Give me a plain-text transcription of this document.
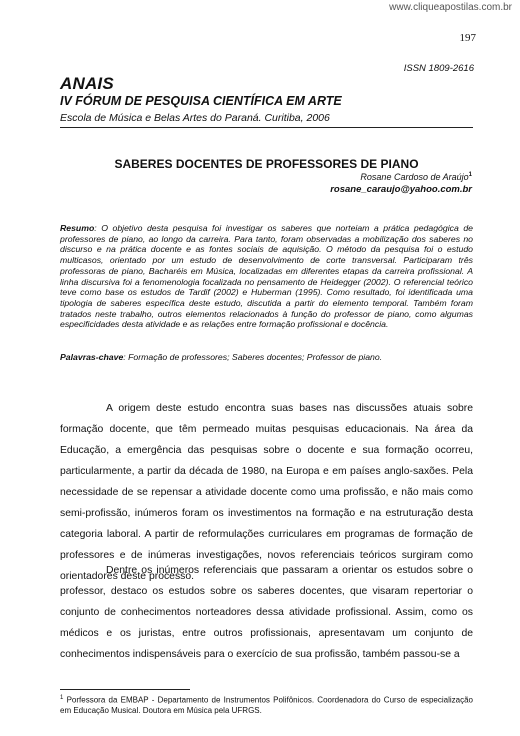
www.cliqueapostilas.com.br
197
ISSN 1809-2616
ANAIS
IV FÓRUM DE PESQUISA CIENTÍFICA EM ARTE
Escola de Música e Belas Artes do Paraná. Curitiba, 2006
SABERES DOCENTES DE PROFESSORES DE PIANO
Rosane Cardoso de Araújo$^1$
rosane_caraujo@yahoo.com.br

Resumo: O objetivo desta pesquisa foi investigar os saberes que norteiam a prática pedagógica de professores de piano, ao longo da carreira. Para tanto, foram observadas a mobilização dos saberes no discurso e na prática docente e as fontes sociais de aquisição. O método da pesquisa foi o estudo multicasos, orientado por um estudo de desenvolvimento de corte transversal. Participaram três professoras de piano, Bacharéis em Música, localizadas em diferentes etapas da carreira profissional. A linha discursiva foi a fenomenologia focalizada no pensamento de Heidegger (2002). O referencial teórico teve como base os estudos de Tardif (2002) e Huberman (1995). Como resultado, foi identificada uma tipologia de saberes específica deste estudo, discutida a partir do elemento temporal. Também foram tratados neste trabalho, outros elementos relacionados à função do professor de piano, como algumas especificidades desta atividade e as relações entre formação profissional e docência.

Palavras-chave: Formação de professores; Saberes docentes; Professor de piano.

A origem deste estudo encontra suas bases nas discussões atuais sobre formação docente, que têm permeado muitas pesquisas educacionais. Na área da Educação, a emergência das pesquisas sobre o docente e sua formação ocorreu, particularmente, a partir da década de 1980, na Europa e em países anglo-saxões. Pela necessidade de se repensar a atividade docente como uma profissão, e não mais como semi-profissão, inúmeros foram os investimentos na formação e na estruturação desta categoria laboral. A partir de reformulações curriculares em programas de formação de professores e de inúmeras investigações, novos referenciais teóricos surgiram como orientadores deste processo.

Dentre os inúmeros referenciais que passaram a orientar os estudos sobre o professor, destaco os estudos sobre os saberes docentes, que visaram repertoriar o conjunto de conhecimentos norteadores dessa atividade profissional. Assim, como os médicos e os juristas, entre outros profissionais, apresentavam um conjunto de conhecimentos indispensáveis para o exercício de sua profissão, também passou-se a

$^1$ Porfessora da EMBAP - Departamento de Instrumentos Polifônicos. Coordenadora do Curso de especialização em Educação Musical. Doutora em Música pela UFRGS.
